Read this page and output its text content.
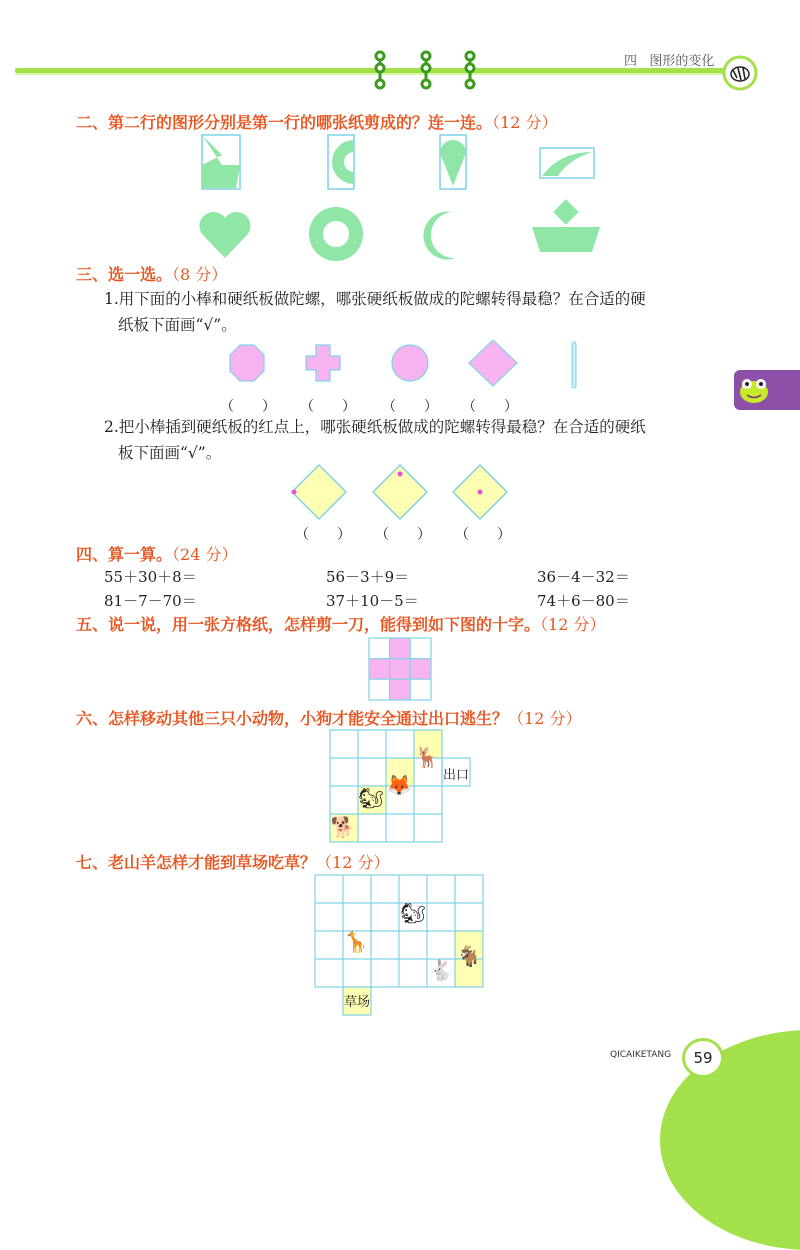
四 图形的变化
二、第二行的图形分别是第一行的哪张纸剪成的？连一连。（12 分）
三、选一选。（8 分）
1.用下面的小棒和硬纸板做陀螺，哪张硬纸板做成的陀螺转得最稳？在合适的硬
纸板下面画“√”。
（　　） （　　） （　　） （　　）
2.把小棒插到硬纸板的红点上，哪张硬纸板做成的陀螺转得最稳？在合适的硬纸
板下面画“√”。
（　　） （　　） （　　）
四、算一算。（24 分）
55＋30＋8＝	56－3＋9＝	36－4－32＝
81－7－70＝	37＋10－5＝	74＋6－80＝
五、说一说，用一张方格纸，怎样剪一刀，能得到如下图的十字。（12 分）
六、怎样移动其他三只小动物，小狗才能安全通过出口逃生？（12 分）
出口
🦌
🦊
🐿
🐕
七、老山羊怎样才能到草场吃草？（12 分）
草场
🐿
🦒
🐇
🐐
QICAIKETANG 59
